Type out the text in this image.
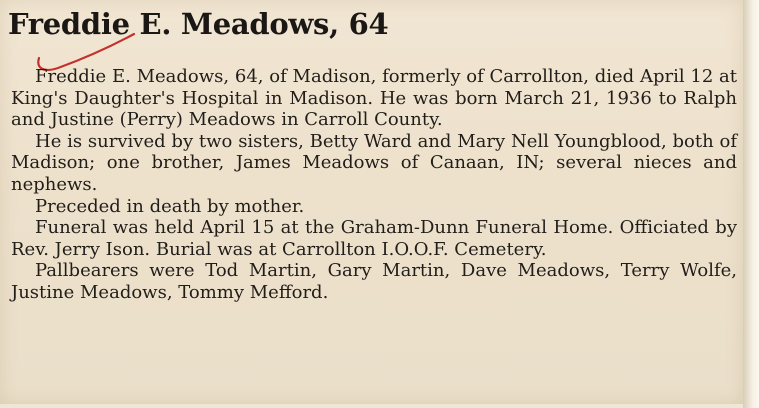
Freddie E. Meadows, 64

Freddie E. Meadows, 64, of Madison, formerly of Carrollton, died April 12 at King's Daughter's Hospital in Madison. He was born March 21, 1936 to Ralph and Justine (Perry) Meadows in Carroll County.

He is survived by two sisters, Betty Ward and Mary Nell Youngblood, both of Madison; one brother, James Meadows of Canaan, IN; several nieces and nephews.

Preceded in death by mother.

Funeral was held April 15 at the Graham-Dunn Funeral Home. Officiated by Rev. Jerry Ison. Burial was at Carrollton I.O.O.F. Cemetery.

Pallbearers were Tod Martin, Gary Martin, Dave Meadows, Terry Wolfe, Justine Meadows, Tommy Mefford.
